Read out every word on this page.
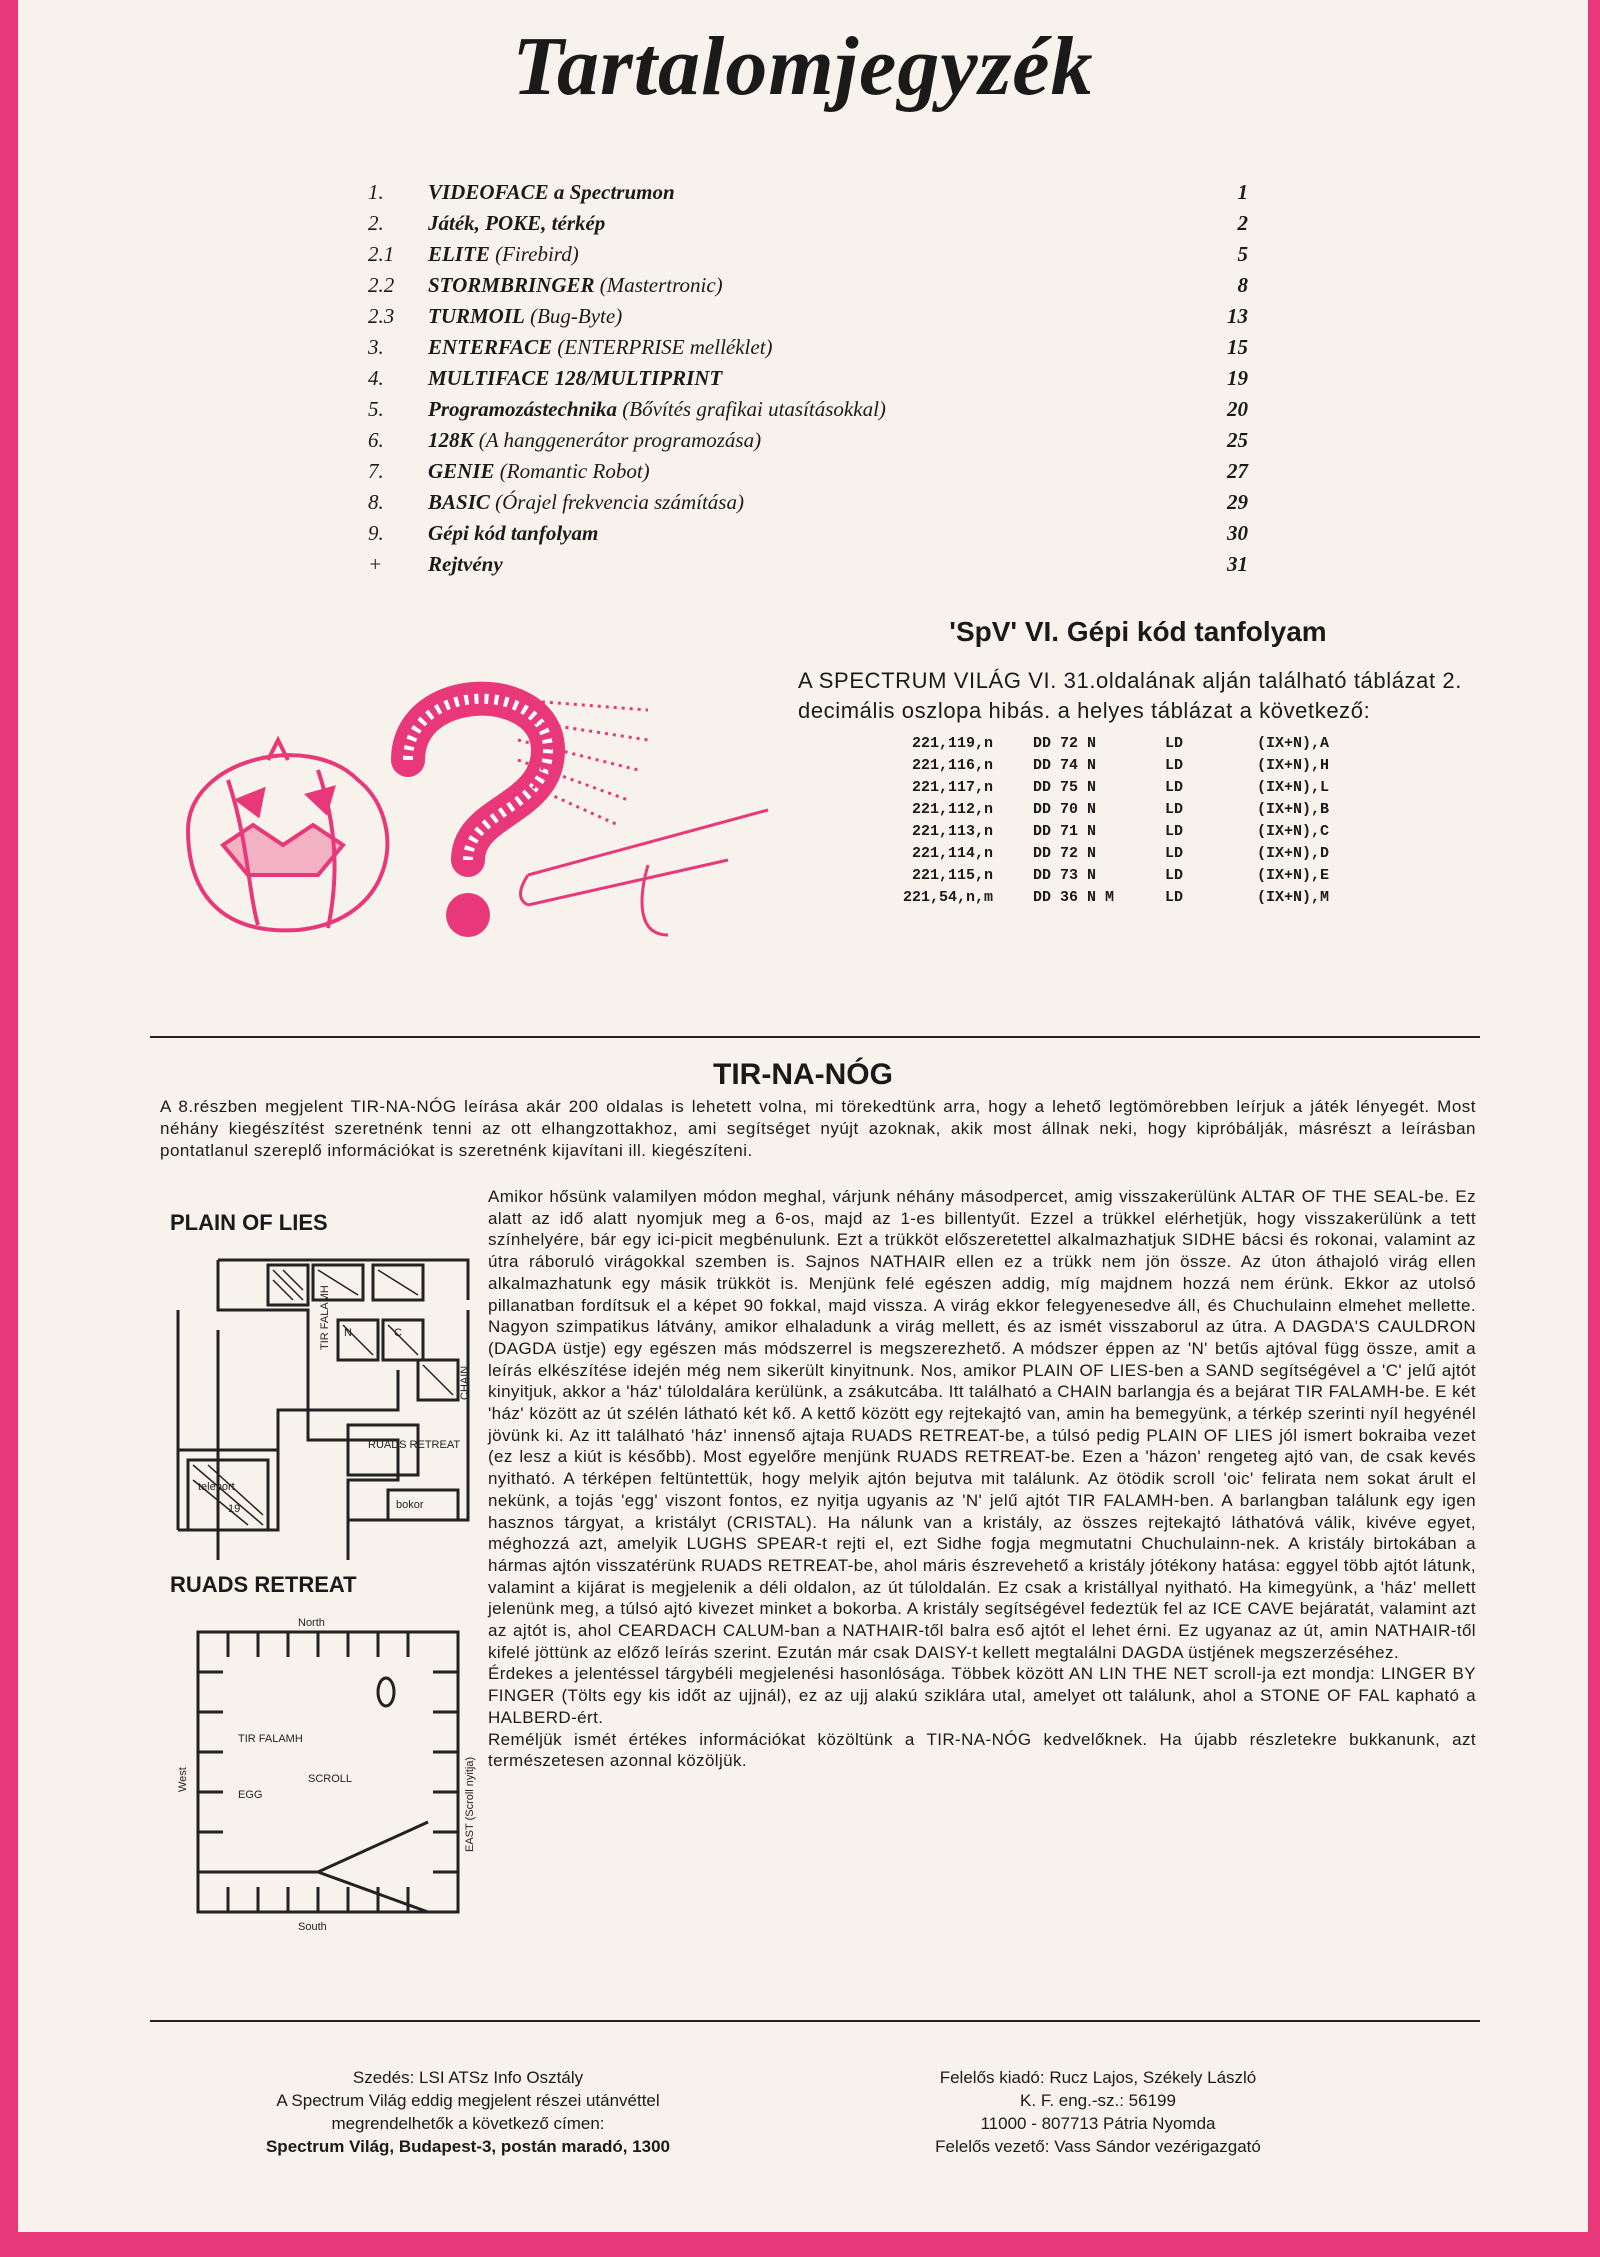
Tartalomjegyzék
1.	VIDEOFACE a Spectrumon	1
2.	Játék, POKE, térkép	2
2.1	ELITE (Firebird)	5
2.2	STORMBRINGER (Mastertronic)	8
2.3	TURMOIL (Bug-Byte)	13
3.	ENTERFACE (ENTERPRISE melléklet)	15
4.	MULTIFACE 128/MULTIPRINT	19
5.	Programozástechnika (Bővítés grafikai utasításokkal)	20
6.	128K (A hanggenerátor programozása)	25
7.	GENIE (Romantic Robot)	27
8.	BASIC (Órajel frekvencia számítása)	29
9.	Gépi kód tanfolyam	30
+	Rejtvény	31
'SpV' VI. Gépi kód tanfolyam

A SPECTRUM VILÁG VI. 31.oldalának alján található táblázat 2. decimális oszlopa hibás. a helyes táblázat a következő:

221,119,n	DD 72 N	LD	(IX+N),A
221,116,n	DD 74 N	LD	(IX+N),H
221,117,n	DD 75 N	LD	(IX+N),L
221,112,n	DD 70 N	LD	(IX+N),B
221,113,n	DD 71 N	LD	(IX+N),C
221,114,n	DD 72 N	LD	(IX+N),D
221,115,n	DD 73 N	LD	(IX+N),E
221,54,n,m	DD 36 N M	LD	(IX+N),M
TIR-NA-NÓG

A 8.részben megjelent TIR-NA-NÓG leírása akár 200 oldalas is lehetett volna, mi törekedtünk arra, hogy a lehető legtömörebben leírjuk a játék lényegét. Most néhány kiegészítést szeretnénk tenni az ott elhangzottakhoz, ami segítséget nyújt azoknak, akik most állnak neki, hogy kipróbálják, másrészt a leírásban pontatlanul szereplő információkat is szeretnénk kijavítani ill. kiegészíteni.

PLAIN OF LIES
TIR FALAMH
CHAIN
RUADS RETREAT
teleport
19	bokor
N	C
RUADS RETREAT
North
South
West	EAST (Scroll nyitja)
TIR FALAMH
EGG
SCROLL

Amikor hősünk valamilyen módon meghal, várjunk néhány másodpercet, amig visszakerülünk ALTAR OF THE SEAL-be. Ez alatt az idő alatt nyomjuk meg a 6-os, majd az 1-es billentyűt. Ezzel a trükkel elérhetjük, hogy visszakerülünk a tett színhelyére, bár egy ici-picit megbénulunk. Ezt a trükköt előszeretettel alkalmazhatjuk SIDHE bácsi és rokonai, valamint az útra ráboruló virágokkal szemben is. Sajnos NATHAIR ellen ez a trükk nem jön össze. Az úton áthajoló virág ellen alkalmazhatunk egy másik trükköt is. Menjünk felé egészen addig, míg majdnem hozzá nem érünk. Ekkor az utolsó pillanatban fordítsuk el a képet 90 fokkal, majd vissza. A virág ekkor felegyenesedve áll, és Chuchulainn elmehet mellette. Nagyon szimpatikus látvány, amikor elhaladunk a virág mellett, és az ismét visszaborul az útra. A DAGDA'S CAULDRON (DAGDA üstje) egy egészen más módszerrel is megszerezhető. A módszer éppen az 'N' betűs ajtóval függ össze, amit a leírás elkészítése idején még nem sikerült kinyitnunk. Nos, amikor PLAIN OF LIES-ben a SAND segítségével a 'C' jelű ajtót kinyitjuk, akkor a 'ház' túloldalára kerülünk, a zsákutcába. Itt található a CHAIN barlangja és a bejárat TIR FALAMH-be. E két 'ház' között az út szélén látható két kő. A kettő között egy rejtekajtó van, amin ha bemegyünk, a térkép szerinti nyíl hegyénél jövünk ki. Az itt található 'ház' innenső ajtaja RUADS RETREAT-be, a túlsó pedig PLAIN OF LIES jól ismert bokraiba vezet (ez lesz a kiút is később). Most egyelőre menjünk RUADS RETREAT-be. Ezen a 'házon' rengeteg ajtó van, de csak kevés nyitható. A térképen feltüntettük, hogy melyik ajtón bejutva mit találunk. Az ötödik scroll 'oic' felirata nem sokat árult el nekünk, a tojás 'egg' viszont fontos, ez nyitja ugyanis az 'N' jelű ajtót TIR FALAMH-ben. A barlangban találunk egy igen hasznos tárgyat, a kristályt (CRISTAL). Ha nálunk van a kristály, az összes rejtekajtó láthatóvá válik, kivéve egyet, méghozzá azt, amelyik LUGHS SPEAR-t rejti el, ezt Sidhe fogja megmutatni Chuchulainn-nek. A kristály birtokában a hármas ajtón visszatérünk RUADS RETREAT-be, ahol máris észrevehető a kristály jótékony hatása: eggyel több ajtót látunk, valamint a kijárat is megjelenik a déli oldalon, az út túloldalán. Ez csak a kristállyal nyitható. Ha kimegyünk, a 'ház' mellett jelenünk meg, a túlsó ajtó kivezet minket a bokorba. A kristály segítségével fedeztük fel az ICE CAVE bejáratát, valamint azt az ajtót is, ahol CEARDACH CALUM-ban a NATHAIR-től balra eső ajtót el lehet érni. Ez ugyanaz az út, amin NATHAIR-től kifelé jöttünk az előző leírás szerint. Ezután már csak DAISY-t kellett megtalálni DAGDA üstjének megszerzéséhez.

Érdekes a jelentéssel tárgybéli megjelenési hasonlósága. Többek között AN LIN THE NET scroll-ja ezt mondja: LINGER BY FINGER (Tölts egy kis időt az ujjnál), ez az ujj alakú sziklára utal, amelyet ott találunk, ahol a STONE OF FAL kapható a HALBERD-ért.

Reméljük ismét értékes információkat közöltünk a TIR-NA-NÓG kedvelőknek. Ha újabb részletekre bukkanunk, azt természetesen azonnal közöljük.

Szedés: LSI ATSz Info Osztály
A Spectrum Világ eddig megjelent részei utánvéttel
megrendelhetők a következő címen:
Spectrum Világ, Budapest-3, postán maradó, 1300
Felelős kiadó: Rucz Lajos, Székely László
K. F. eng.-sz.: 56199
11000 - 807713 Pátria Nyomda
Felelős vezető: Vass Sándor vezérigazgató
